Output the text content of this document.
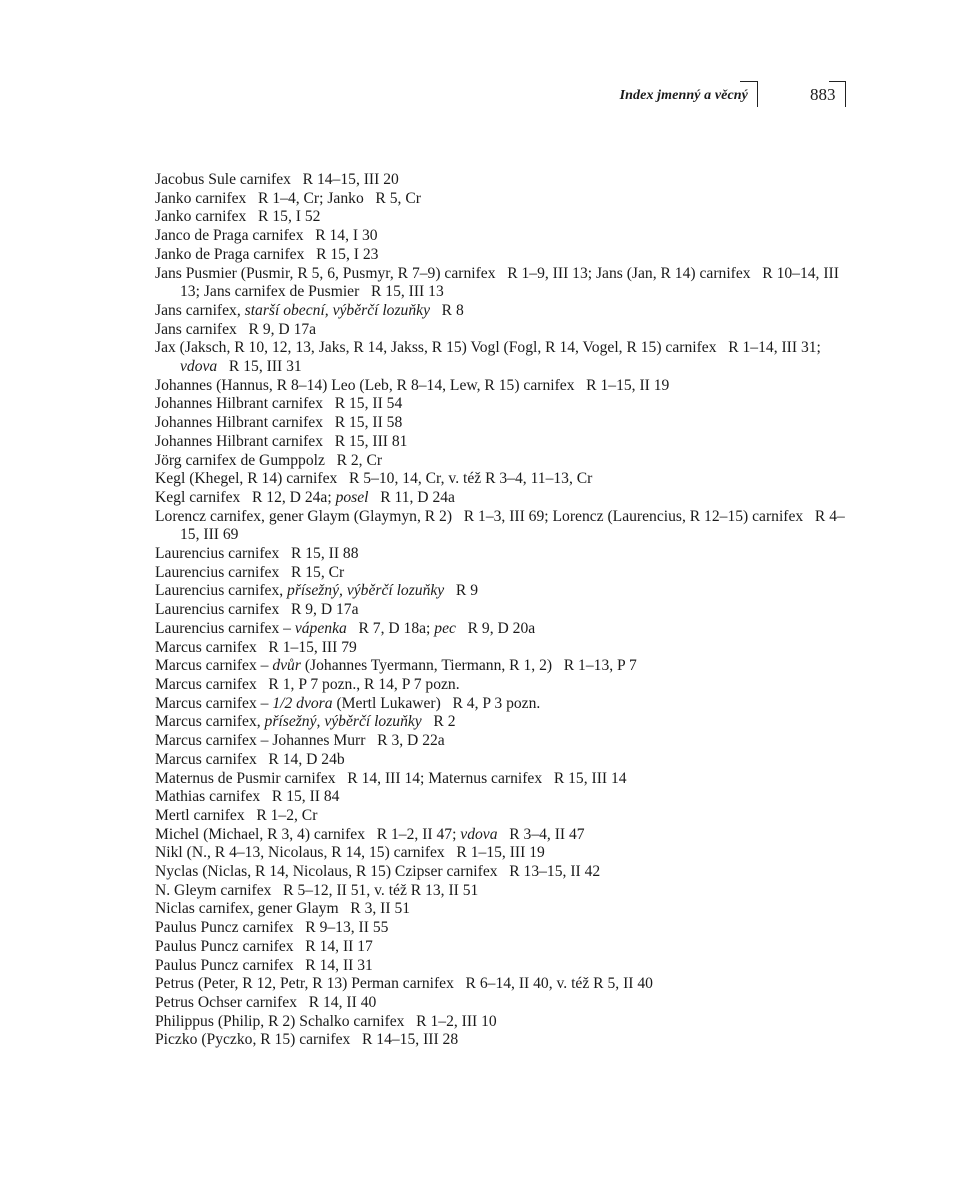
Index jmenný a věcný	883
Jacobus Sule carnifex   R 14–15, III 20
Janko carnifex   R 1–4, Cr; Janko   R 5, Cr
Janko carnifex   R 15, I 52
Janco de Praga carnifex   R 14, I 30
Janko de Praga carnifex   R 15, I 23
Jans Pusmier (Pusmir, R 5, 6, Pusmyr, R 7–9) carnifex   R 1–9, III 13; Jans (Jan, R 14) carnifex   R 10–14, III 13; Jans carnifex de Pusmier   R 15, III 13
Jans carnifex, starší obecní, výběrčí lozuňky   R 8
Jans carnifex   R 9, D 17a
Jax (Jaksch, R 10, 12, 13, Jaks, R 14, Jakss, R 15) Vogl (Fogl, R 14, Vogel, R 15) carnifex   R 1–14, III 31; vdova   R 15, III 31
Johannes (Hannus, R 8–14) Leo (Leb, R 8–14, Lew, R 15) carnifex   R 1–15, II 19
Johannes Hilbrant carnifex   R 15, II 54
Johannes Hilbrant carnifex   R 15, II 58
Johannes Hilbrant carnifex   R 15, III 81
Jörg carnifex de Gumppolz   R 2, Cr
Kegl (Khegel, R 14) carnifex   R 5–10, 14, Cr, v. též R 3–4, 11–13, Cr
Kegl carnifex   R 12, D 24a; posel   R 11, D 24a
Lorencz carnifex, gener Glaym (Glaymyn, R 2)   R 1–3, III 69; Lorencz (Laurencius, R 12–15) carnifex   R 4–15, III 69
Laurencius carnifex   R 15, II 88
Laurencius carnifex   R 15, Cr
Laurencius carnifex, přísežný, výběrčí lozuňky   R 9
Laurencius carnifex   R 9, D 17a
Laurencius carnifex – vápenka   R 7, D 18a; pec   R 9, D 20a
Marcus carnifex   R 1–15, III 79
Marcus carnifex – dvůr (Johannes Tyermann, Tiermann, R 1, 2)   R 1–13, P 7
Marcus carnifex   R 1, P 7 pozn., R 14, P 7 pozn.
Marcus carnifex – 1/2 dvora (Mertl Lukawer)   R 4, P 3 pozn.
Marcus carnifex, přísežný, výběrčí lozuňky   R 2
Marcus carnifex – Johannes Murr   R 3, D 22a
Marcus carnifex   R 14, D 24b
Maternus de Pusmir carnifex   R 14, III 14; Maternus carnifex   R 15, III 14
Mathias carnifex   R 15, II 84
Mertl carnifex   R 1–2, Cr
Michel (Michael, R 3, 4) carnifex   R 1–2, II 47; vdova   R 3–4, II 47
Nikl (N., R 4–13, Nicolaus, R 14, 15) carnifex   R 1–15, III 19
Nyclas (Niclas, R 14, Nicolaus, R 15) Czipser carnifex   R 13–15, II 42
N. Gleym carnifex   R 5–12, II 51, v. též R 13, II 51
Niclas carnifex, gener Glaym   R 3, II 51
Paulus Puncz carnifex   R 9–13, II 55
Paulus Puncz carnifex   R 14, II 17
Paulus Puncz carnifex   R 14, II 31
Petrus (Peter, R 12, Petr, R 13) Perman carnifex   R 6–14, II 40, v. též R 5, II 40
Petrus Ochser carnifex   R 14, II 40
Philippus (Philip, R 2) Schalko carnifex   R 1–2, III 10
Piczko (Pyczko, R 15) carnifex   R 14–15, III 28
